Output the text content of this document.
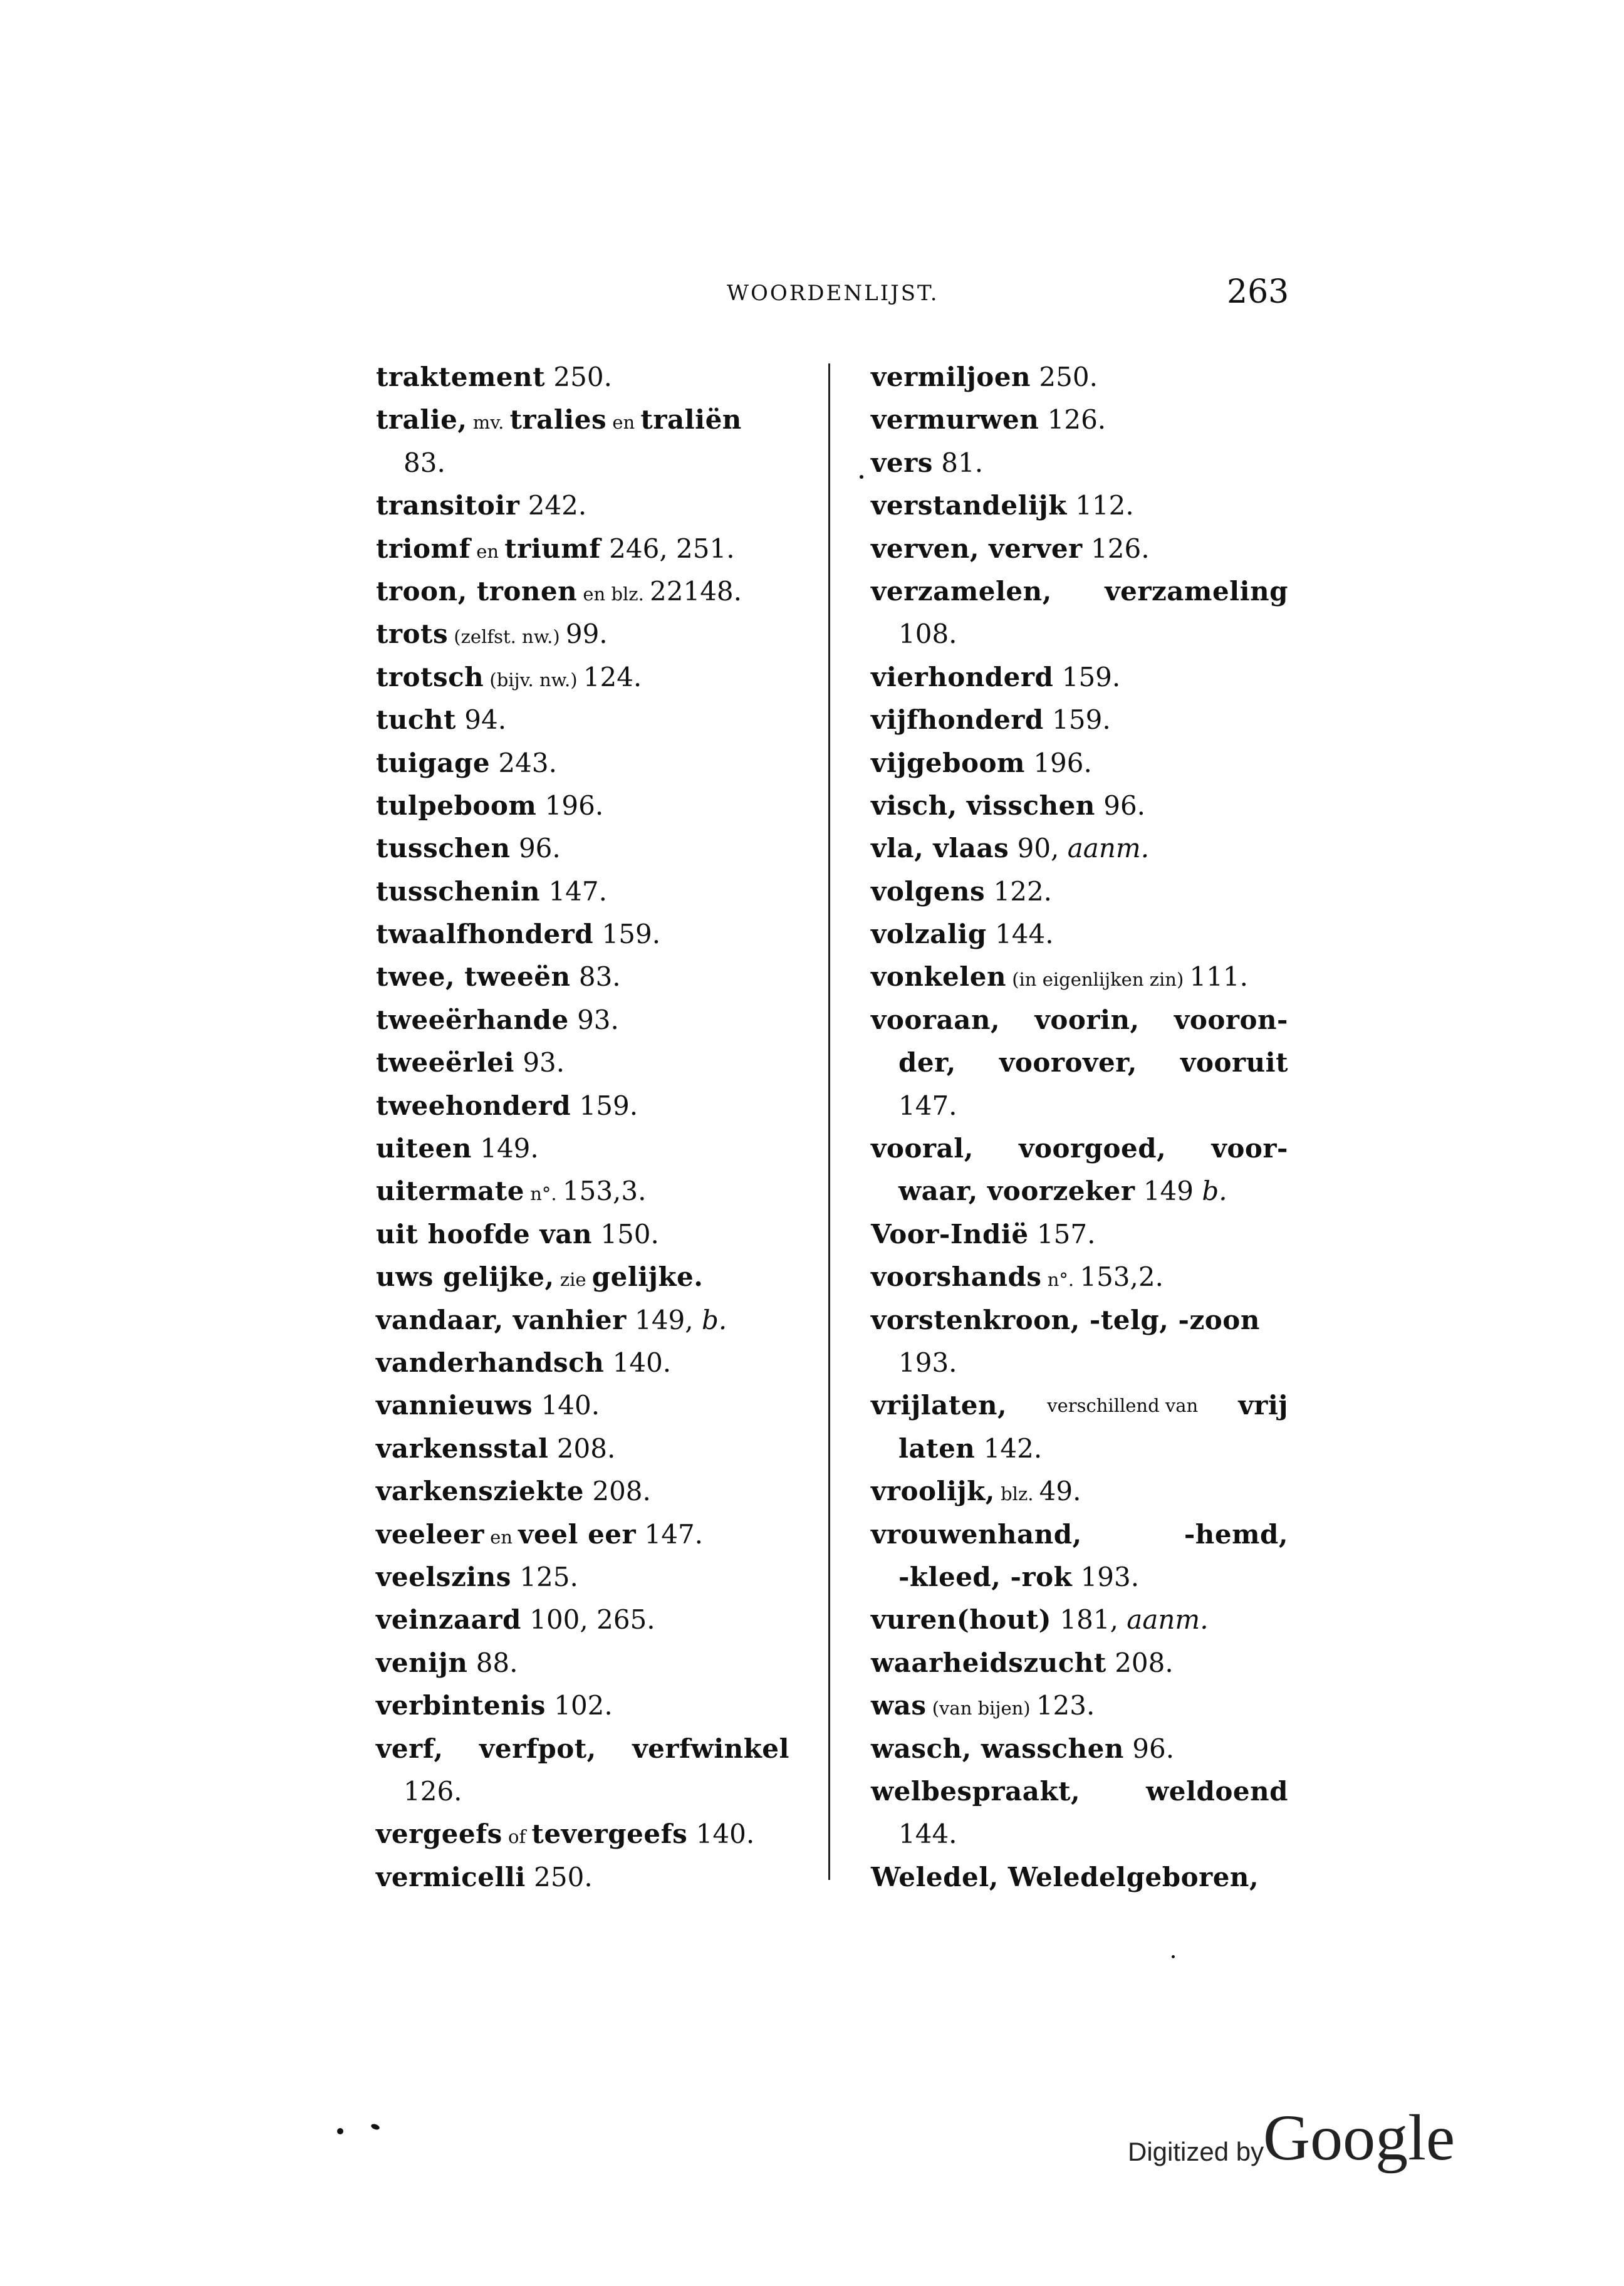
WOORDENLIJST.	263
traktement 250.
tralie, mv. tralies en traliën
83.
transitoir 242.
triomf en triumf 246, 251.
troon, tronen en blz. 22148.
trots (zelfst. nw.) 99.
trotsch (bijv. nw.) 124.
tucht 94.
tuigage 243.
tulpeboom 196.
tusschen 96.
tusschenin 147.
twaalfhonderd 159.
twee, tweeën 83.
tweeërhande 93.
tweeërlei 93.
tweehonderd 159.
uiteen 149.
uitermate n°. 153,3.
uit hoofde van 150.
uws gelijke, zie gelijke.
vandaar, vanhier 149, b.
vanderhandsch 140.
vannieuws 140.
varkensstal 208.
varkensziekte 208.
veeleer en veel eer 147.
veelszins 125.
veinzaard 100, 265.
venijn 88.
verbintenis 102.
verf, verfpot, verfwinkel
126.
vergeefs of tevergeefs 140.
vermicelli 250.
vermiljoen 250.
vermurwen 126.
vers 81.
verstandelijk 112.
verven, verver 126.
verzamelen, verzameling
108.
vierhonderd 159.
vijfhonderd 159.
vijgeboom 196.
visch, visschen 96.
vla, vlaas 90, aanm.
volgens 122.
volzalig 144.
vonkelen (in eigenlijken zin) 111.
vooraan, voorin, vooron-
der, voorover, vooruit
147.
vooral, voorgoed, voor-
waar, voorzeker 149 b.
Voor-Indië 157.
voorshands n°. 153,2.
vorstenkroon, -telg, -zoon
193.
vrijlaten, verschillend van vrij
laten 142.
vroolijk, blz. 49.
vrouwenhand,	-hemd,
-kleed, -rok 193.
vuren(hout) 181, aanm.
waarheidszucht 208.
was (van bijen) 123.
wasch, wasschen 96.
welbespraakt,	weldoend
144.
Weledel, Weledelgeboren,
Digitized by
Google
